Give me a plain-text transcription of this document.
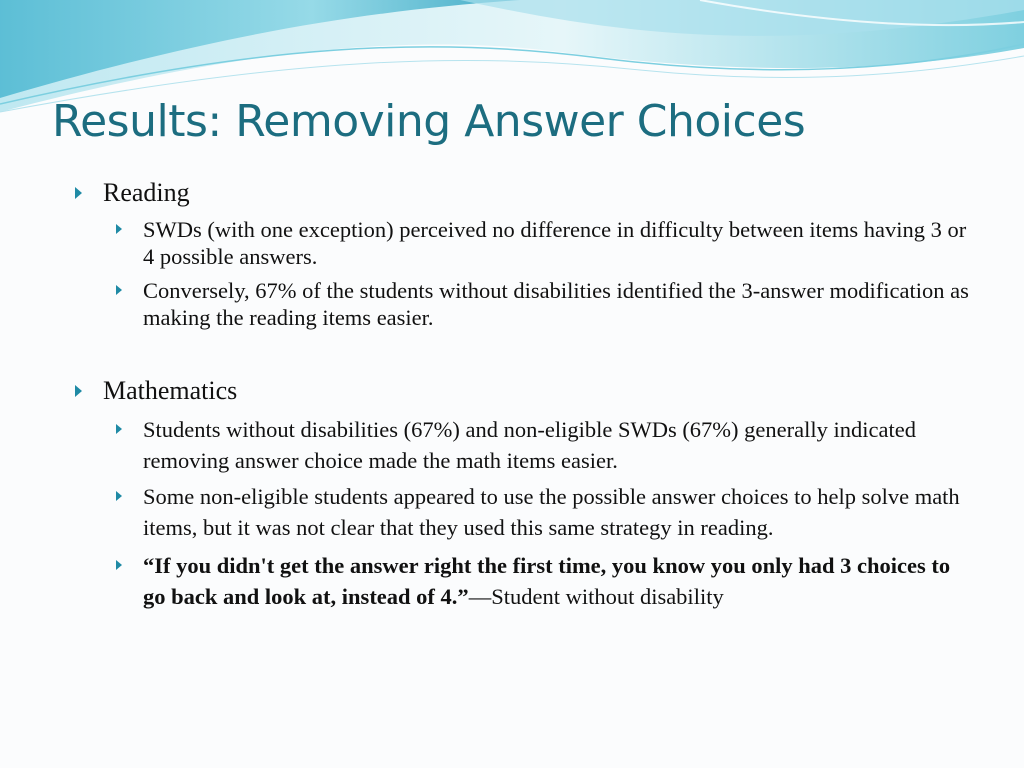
Results: Removing Answer Choices
Reading
SWDs (with one exception) perceived no difference in difficulty between items having 3 or 4 possible answers.
Conversely, 67% of the students without disabilities identified the 3-answer modification as making the reading items easier.
Mathematics
Students without disabilities (67%) and non-eligible SWDs (67%) generally indicated removing answer choice made the math items easier.
Some non-eligible students appeared to use the possible answer choices to help solve math items, but it was not clear that they used this same strategy in reading.
“If you didn't get the answer right the first time, you know you only had 3 choices to go back and look at, instead of 4.”—Student without disability
